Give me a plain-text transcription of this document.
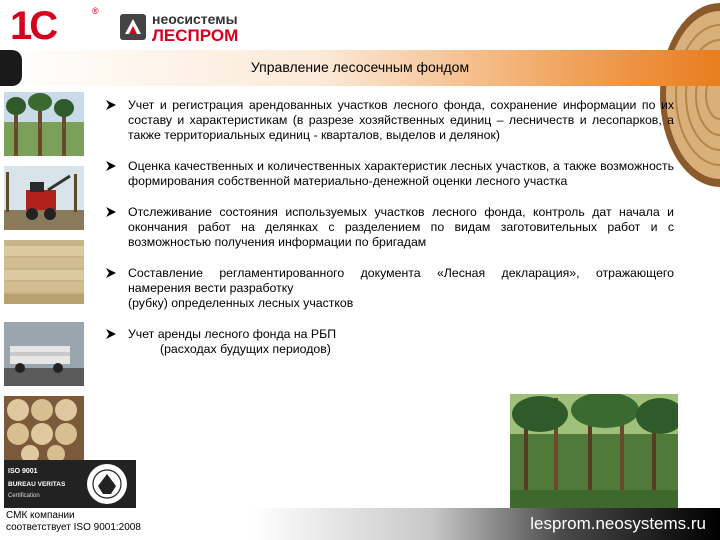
1С	®	неосистемы
ЛЕСПРОМ
Управление лесосечным фондом
Учет и регистрация арендованных участков лесного фонда, сохранение информации по их составу и характеристикам (в разрезе хозяйственных единиц – лесничеств и лесопарков, а также территориальных единиц - кварталов, выделов и делянок)
Оценка качественных и количественных характеристик лесных участков, а также возможность формирования собственной материально-денежной оценки лесного участка
Отслеживание состояния используемых участков лесного фонда, контроль дат начала и окончания работ на делянках с разделением по видам заготовительных работ и с возможностью получения информации по бригадам
Составление регламентированного документа «Лесная декларация», отражающего намерения вести разработку
(рубку) определенных лесных участков
Учет аренды лесного фонда на РБП
(расходах будущих периодов)
ISO 9001
BUREAU VERITAS
Certification
СМК компании
соответствует ISO 9001:2008	lesprom.neosystems.ru
